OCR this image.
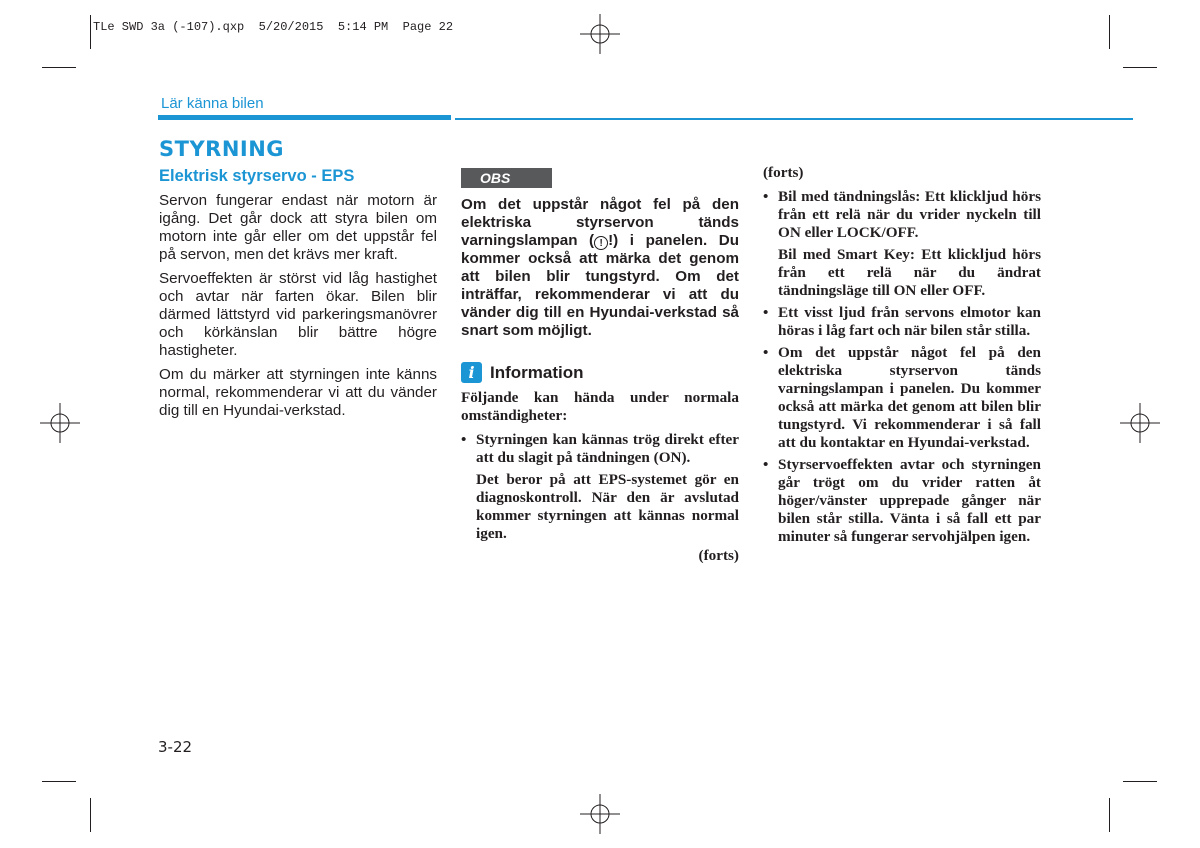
TLe SWD 3a (-107).qxp  5/20/2015  5:14 PM  Page 22
Lär känna bilen
STYRNING
Elektrisk styrservo - EPS

Servon fungerar endast när motorn är igång. Det går dock att styra bilen om motorn inte går eller om det uppstår fel på servon, men det krävs mer kraft.

Servoeffekten är störst vid låg hastighet och avtar när farten ökar. Bilen blir därmed lättstyrd vid parkeringsmanövrer och körkänslan blir bättre högre hastigheter.

Om du märker att styrningen inte känns normal, rekommenderar vi att du vänder dig till en Hyundai-verkstad.

OBS

Om det uppstår något fel på den elektriska styrservon tänds varningslampan ( ! !) i panelen. Du kommer också att märka det genom att bilen blir tungstyrd. Om det inträffar, rekommenderar vi att du vänder dig till en Hyundai-verkstad så snart som möjligt.

i Information

Följande kan hända under normala omständigheter:

• Styrningen kan kännas trög direkt efter att du slagit på tändningen (ON).

Det beror på att EPS-systemet gör en diagnoskontroll. När den är avslutad kommer styrningen att kännas normal igen.

(forts)
(forts)

• Bil med tändningslås: Ett klickljud hörs från ett relä när du vrider nyckeln till ON eller LOCK/OFF.

Bil med Smart Key: Ett klickljud hörs från ett relä när du ändrat tändningsläge till ON eller OFF.

• Ett visst ljud från servons elmotor kan höras i låg fart och när bilen står stilla.

• Om det uppstår något fel på den elektriska styrservon tänds varningslampan i panelen. Du kommer också att märka det genom att bilen blir tungstyrd. Vi rekommenderar i så fall att du kontaktar en Hyundai-verkstad.

• Styrservoeffekten avtar och styrningen går trögt om du vrider ratten åt höger/vänster upprepade gånger när bilen står stilla. Vänta i så fall ett par minuter så fungerar servohjälpen igen.

3-22
